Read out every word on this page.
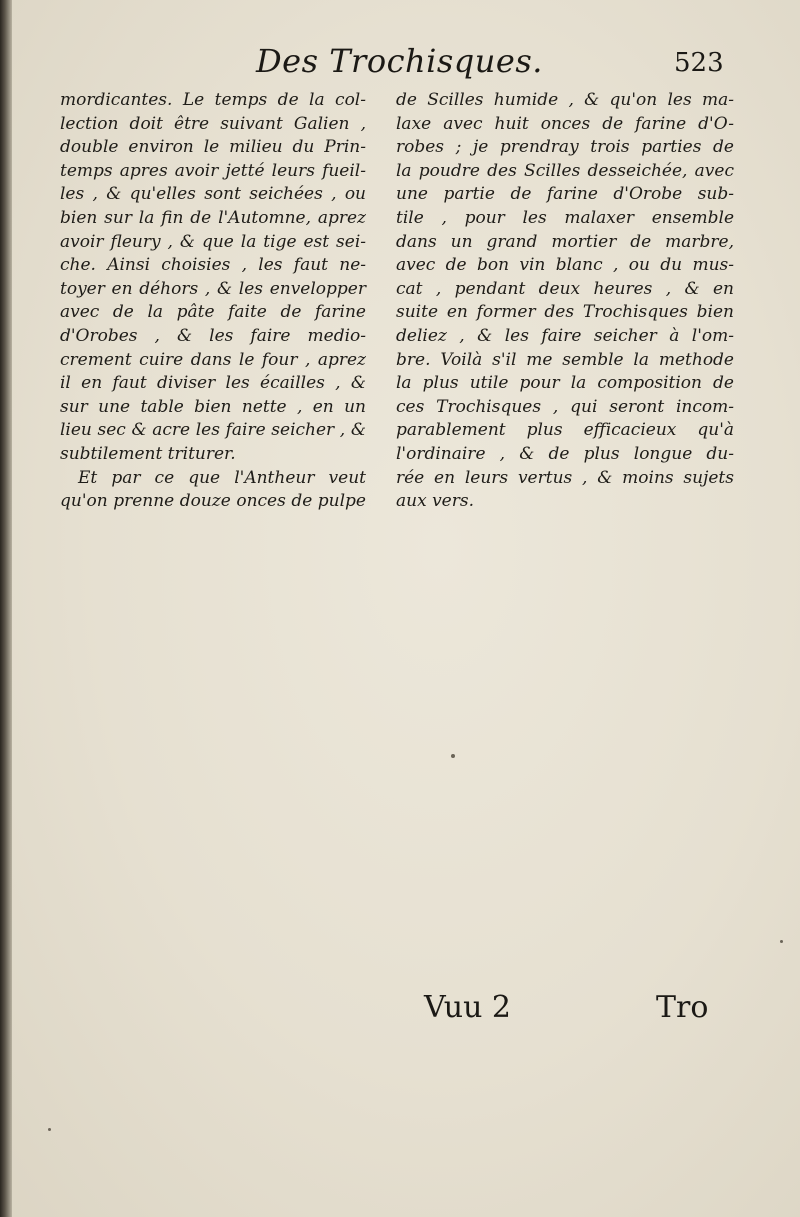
Des Trochisques.	523
mordicantes. Le temps de la col-
lection doit être suivant Galien ,
double environ le milieu du Prin-
temps apres avoir jetté leurs fueil-
les , & qu'elles sont seichées , ou
bien sur la fin de l'Automne, aprez
avoir fleury , & que la tige est sei-
che. Ainsi choisies , les faut ne-
toyer en déhors , & les envelopper
avec de la pâte faite de farine
d'Orobes , & les faire medio-
crement cuire dans le four , aprez
il en faut diviser les écailles , &
sur une table bien nette , en un
lieu sec & acre les faire seicher , &
subtilement triturer.
Et par ce que l'Antheur veut
qu'on prenne douze onces de pulpe
de Scilles humide , & qu'on les ma-
laxe avec huit onces de farine d'O-
robes ; je prendray trois parties de
la poudre des Scilles desseichée, avec
une partie de farine d'Orobe sub-
tile , pour les malaxer ensemble
dans un grand mortier de marbre,
avec de bon vin blanc , ou du mus-
cat , pendant deux heures , & en
suite en former des Trochisques bien
deliez , & les faire seicher à l'om-
bre. Voilà s'il me semble la methode
la plus utile pour la composition de
ces Trochisques , qui seront incom-
parablement plus efficacieux qu'à
l'ordinaire , & de plus longue du-
rée en leurs vertus , & moins sujets
aux vers.
Vuu 2	Tro
